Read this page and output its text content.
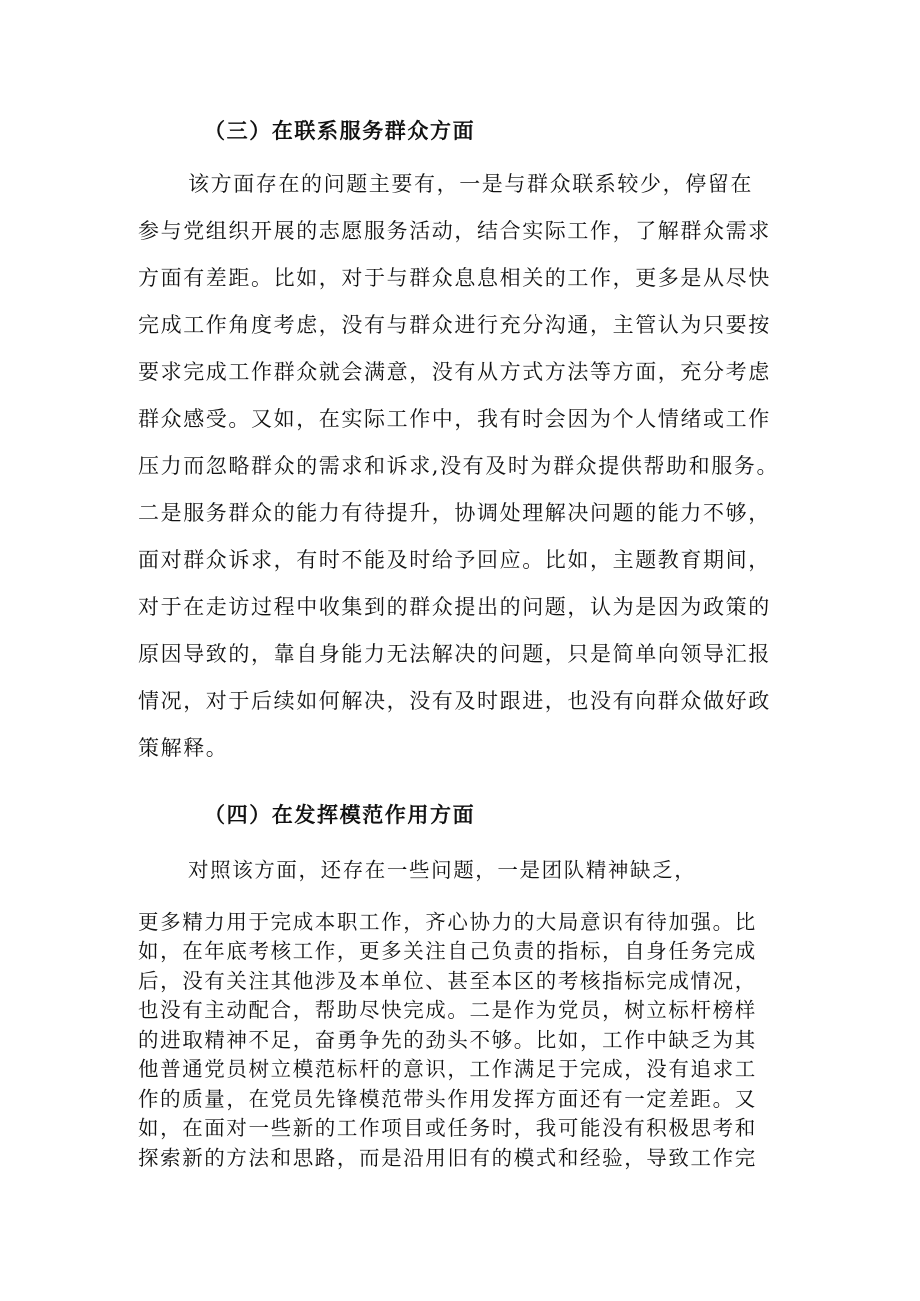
（三）在联系服务群众方面
该方面存在的问题主要有，一是与群众联系较少，停留在
参与党组织开展的志愿服务活动，结合实际工作，了解群众需求
方面有差距。比如，对于与群众息息相关的工作，更多是从尽快
完成工作角度考虑，没有与群众进行充分沟通，主管认为只要按
要求完成工作群众就会满意，没有从方式方法等方面，充分考虑
群众感受。又如，在实际工作中，我有时会因为个人情绪或工作
压力而忽略群众的需求和诉求,没有及时为群众提供帮助和服务。
二是服务群众的能力有待提升，协调处理解决问题的能力不够，
面对群众诉求，有时不能及时给予回应。比如，主题教育期间，
对于在走访过程中收集到的群众提出的问题，认为是因为政策的
原因导致的，靠自身能力无法解决的问题，只是简单向领导汇报
情况，对于后续如何解决，没有及时跟进，也没有向群众做好政
策解释。
（四）在发挥模范作用方面
对照该方面，还存在一些问题，一是团队精神缺乏，
更多精力用于完成本职工作，齐心协力的大局意识有待加强。比
如，在年底考核工作，更多关注自己负责的指标，自身任务完成
后，没有关注其他涉及本单位、甚至本区的考核指标完成情况，
也没有主动配合，帮助尽快完成。二是作为党员，树立标杆榜样
的进取精神不足，奋勇争先的劲头不够。比如，工作中缺乏为其
他普通党员树立模范标杆的意识，工作满足于完成，没有追求工
作的质量，在党员先锋模范带头作用发挥方面还有一定差距。又
如，在面对一些新的工作项目或任务时，我可能没有积极思考和
探索新的方法和思路，而是沿用旧有的模式和经验，导致工作完
